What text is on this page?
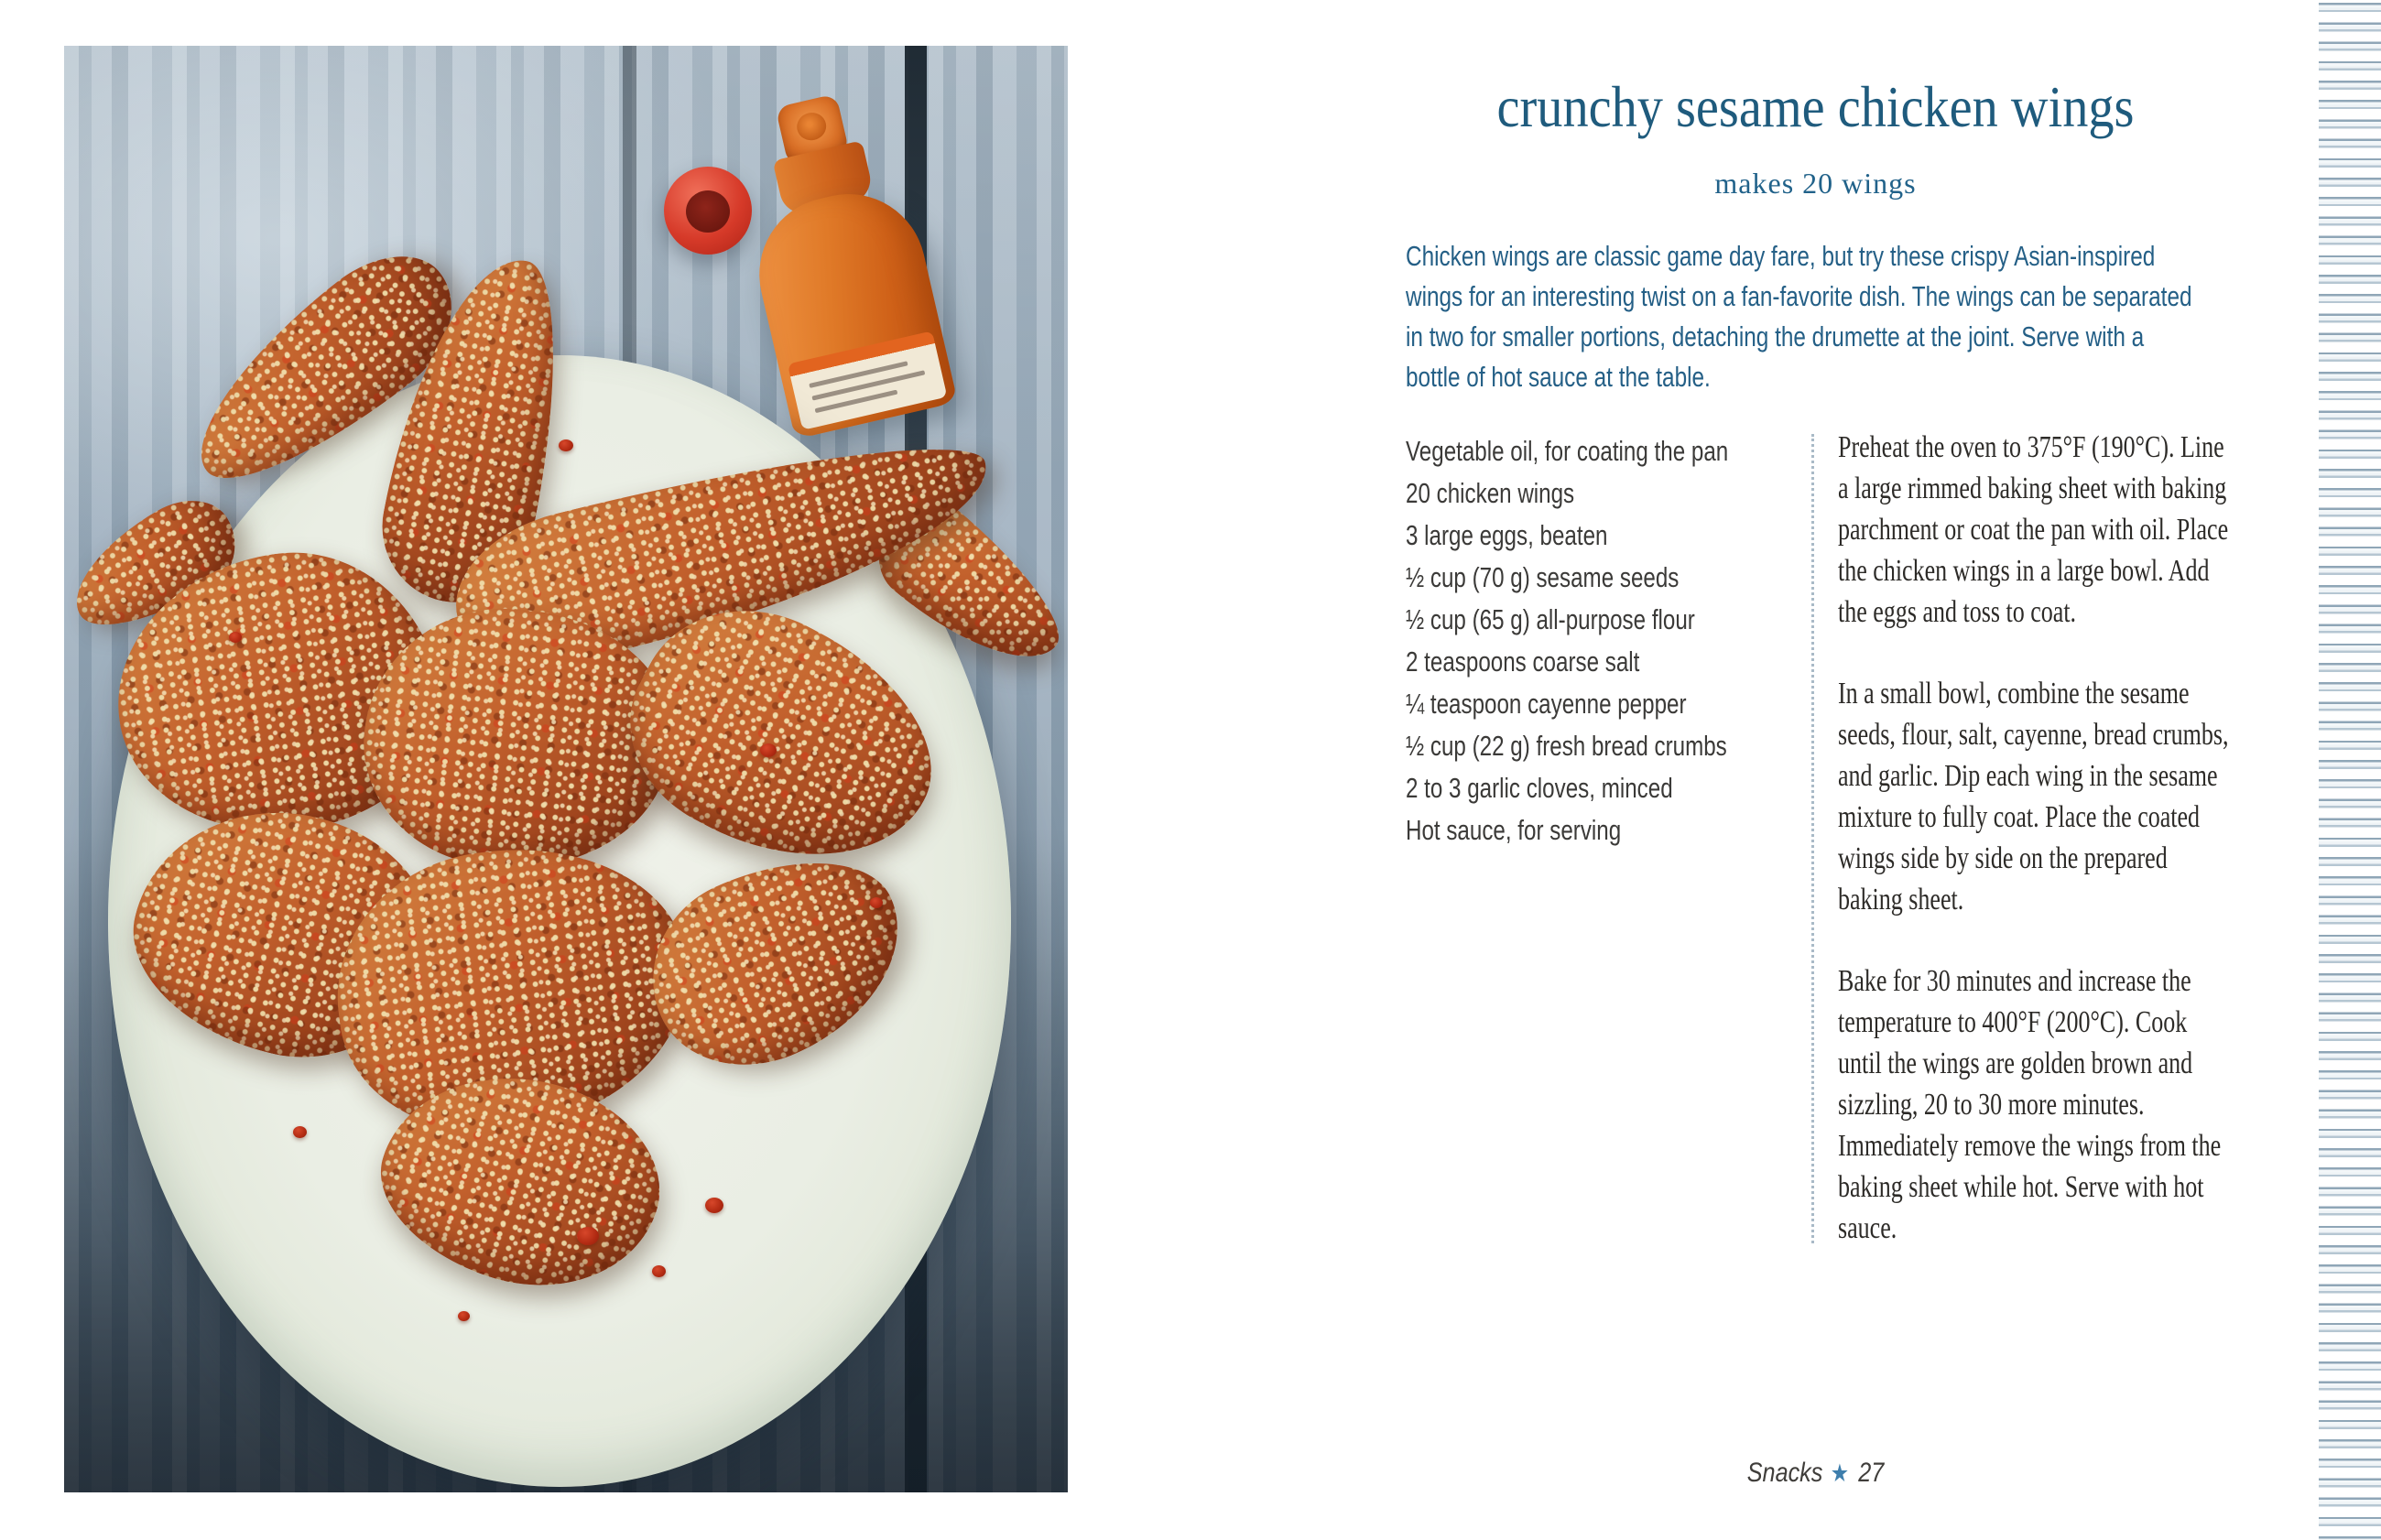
crunchy sesame chicken wings

makes 20 wings

Chicken wings are classic game day fare, but try these crispy Asian-inspired wings for an interesting twist on a fan-favorite dish. The wings can be separated in two for smaller portions, detaching the drumette at the joint. Serve with a bottle of hot sauce at the table.

Vegetable oil, for coating the pan
20 chicken wings
3 large eggs, beaten
½ cup (70 g) sesame seeds
½ cup (65 g) all-purpose flour
2 teaspoons coarse salt
¼ teaspoon cayenne pepper
½ cup (22 g) fresh bread crumbs
2 to 3 garlic cloves, minced
Hot sauce, for serving

Preheat the oven to 375°F (190°C). Line a large rimmed baking sheet with baking parchment or coat the pan with oil. Place the chicken wings in a large bowl. Add the eggs and toss to coat.

In a small bowl, combine the sesame seeds, flour, salt, cayenne, bread crumbs, and garlic. Dip each wing in the sesame mixture to fully coat. Place the coated wings side by side on the prepared baking sheet.

Bake for 30 minutes and increase the temperature to 400°F (200°C). Cook until the wings are golden brown and sizzling, 20 to 30 more minutes. Immediately remove the wings from the baking sheet while hot. Serve with hot sauce.

Snacks ★ 27
